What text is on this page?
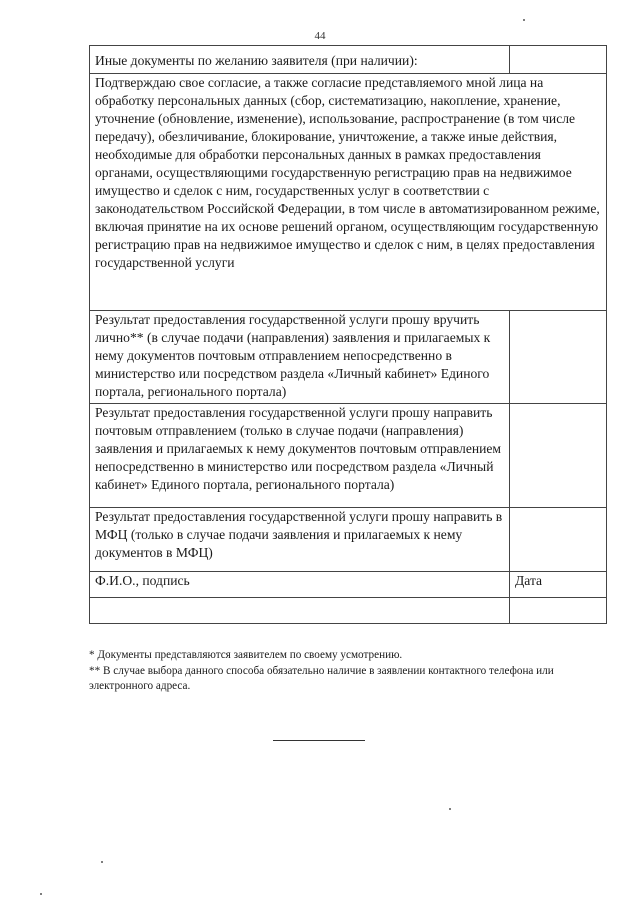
44
Иные документы по желанию заявителя (при наличии):	
Подтверждаю свое согласие, а также согласие представляемого мной лица на обработку персональных данных (сбор, систематизацию, накопление, хранение, уточнение (обновление, изменение), использование, распространение (в том числе передачу), обезличивание, блокирование, уничтожение, а также иные действия, необходимые для обработки персональных данных в рамках предоставления органами, осуществляющими государственную регистрацию прав на недвижимое имущество и сделок с ним, государственных услуг в соответствии с законодательством Российской Федерации, в том числе в автоматизированном режиме, включая принятие на их основе решений органом, осуществляющим государственную регистрацию прав на недвижимое имущество и сделок с ним, в целях предоставления государственной услуги	
Результат предоставления государственной услуги прошу вручить лично** (в случае подачи (направления) заявления и прилагаемых к нему документов почтовым отправлением непосредственно в министерство или посредством раздела «Личный кабинет» Единого портала, регионального портала)	
Результат предоставления государственной услуги прошу направить почтовым отправлением (только в случае подачи (направления) заявления и прилагаемых к нему документов почтовым отправлением непосредственно в министерство или посредством раздела «Личный кабинет» Единого портала, регионального портала)	
Результат предоставления государственной услуги прошу направить в МФЦ (только в случае подачи заявления и прилагаемых к нему документов в МФЦ)	
Ф.И.О., подпись	Дата

* Документы представляются заявителем по своему усмотрению.

** В случае выбора данного способа обязательно наличие в заявлении контактного телефона или электронного адреса.
